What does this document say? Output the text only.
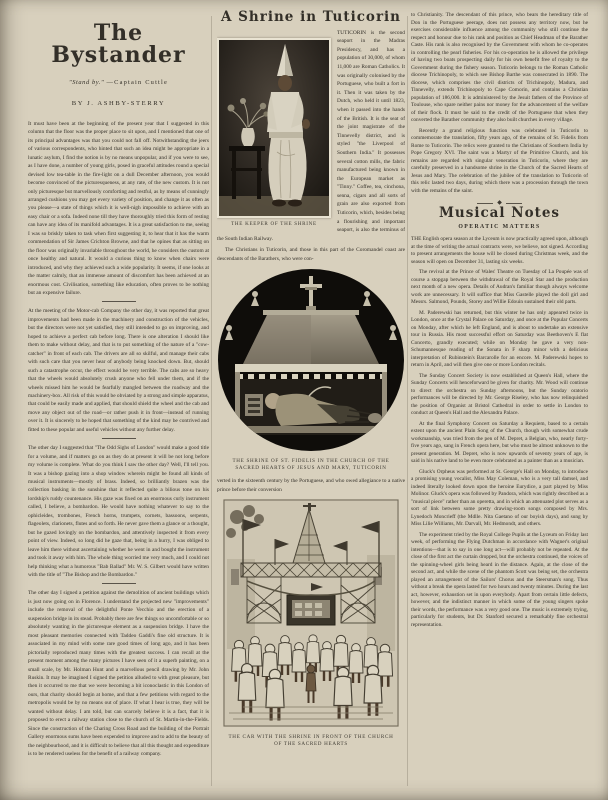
The Bystander
"Stand by." —Captain Cuttle
BY J. ASHBY-STERRY

It must have been at the beginning of the present year that I suggested in this column that the floor was the proper place to sit upon, and I mentioned that one of its principal advantages was that you could not fall off. Notwithstanding the jeers of various correspondents, who hinted that such an idea might be appropriate in a lunatic asylum, I find the notion is by no means unpopular, and if you were to see, as I have done, a number of young girls, posed in graceful attitudes round a special devised low tea-table in the fire-light on a dull December afternoon, you would become convinced of the picturesqueness, at any rate, of the new custom. It is not only picturesque but marvellously comforting and restful, as by means of cunningly arranged cushions you may get every variety of position, and change it as often as you please—a state of things which it is well-nigh impossible to achieve with an easy chair or a sofa. Indeed none till they have thoroughly tried this form of resting can have any idea of its manifold advantages. It is a great satisfaction to me, seeing I was so briskly taken to task when first suggesting it, to hear that it has the warm commendation of Sir James Crichton Browne, and that he opines that as sitting on the floor was originally invariable throughout the world, he considers the custom at once healthy and natural. It would a curious thing to know when chairs were introduced, and why they achieved such a wide popularity. It seems, if one looks at the matter calmly, that an immense amount of discomfort has been achieved at an enormous cost. Civilisation, something like education, often proves to be nothing but an expensive failure.

At the meeting of the Motor-cab Company the other day, it was reported that great improvements had been made in the machinery and construction of the vehicles, but the directors were not yet satisfied, they still intended to go on improving, and hoped to achieve a perfect cab before long. There is one alteration I should like them to make without delay, and that is to put something of the nature of a "cow-catcher" in front of each cab. The drivers are all so skilful, and manage their cabs with such care that you never hear of anybody being knocked down. But, should such a catastrophe occur, the effect would be very terrible. The cabs are so heavy that the wheels would absolutely crush anyone who fell under them, and if the wheels missed him he would be fearfully mangled between the roadway and the machinery-box. All risk of this would be obviated by a strong and simple apparatus, that could be easily made and applied, that should shield the wheel and the cab and move any object out of the road—or rather push it in front—instead of running over it. It is sincerely to be hoped that something of the kind may be contrived and fitted to these popular and useful vehicles without any further delay.

The other day I suggested that "The Odd Sighs of London" would make a good title for a volume, and if matters go on as they do at present it will be not long before my volume is complete. What do you think I saw the other day? Well, I'll tell you. It was a bishop gazing into a shop window wherein might be found all kinds of musical instruments—mostly of brass. Indeed, so brilliantly brazen was the collection basking in the sunshine that it reflected quite a bilious tone on his lordship's ruddy countenance. His gaze was fixed on an enormous curly instrument called, I believe, a bombardon. He would have nothing whatever to say to the ophicleides, trombones, French horns, trumpets, cornets, bassoons, serpents, flageolets, clarionets, flutes and so forth. He never gave them a glance or a thought, but he gazed lovingly on the bombardon, and attentively inspected it from every point of view. Indeed, so long did he gaze that, being in a hurry, I was obliged to leave him there without ascertaining whether he went in and bought the instrument and took it away with him. The whole thing worried me very much, and I could not help thinking what a humorous "Bab Ballad" Mr. W. S. Gilbert would have written with the title of "The Bishop and the Bombardon."

The other day I signed a petition against the demolition of ancient buildings which is just now going on in Florence. I understand the projected new "improvements" include the removal of the delightful Ponte Vecchio and the erection of a suspension bridge in its stead. Probably there are few things so uncomfortable or so absolutely wanting in the picturesque element as a suspension bridge. I have the most pleasant memories connected with Taddeo Gaddi's fine old structure. It is associated in my mind with some rare good times of long ago, and it has been pictorially reproduced many times with the greatest success. I can recall at the present moment among the many pictures I have seen of it a superb painting, on a small scale, by Mr. Holman Hunt and a marvellous pencil drawing by Mr. John Ruskin. It may be imagined I signed the petition alluded to with great pleasure, but then it occurred to me that we were becoming a bit iconoclastic in this London of ours, that charity should begin at home, and that a few petitions with regard to the metropolis would be by no means out of place. If what I hear is true, they will be wanted without delay. I am told, but can scarcely believe it is a fact, that it is proposed to erect a railway station close to the church of St. Martin-in-the-Fields. Since the construction of the Charing Cross Road and the building of the Portrait Gallery enormous sums have been expended to improve and to add to the beauty of the neighbourhood, and it is difficult to believe that all this thought and expenditure is to be rendered useless for the benefit of a railway company.

A Shrine in Tuticorin
THE KEEPER OF THE SHRINE

TUTICORIN is the second seaport in the Madras Presidency, and has a population of 30,000, of whom 11,000 are Roman Catholics. It was originally colonised by the Portuguese, who built a fort in it. Then it was taken by the Dutch, who held it until 1823, when it passed into the hands of the British. It is the seat of the joint magistrate of the Tinnevelly district, and is styled "the Liverpool of Southern India." It possesses several cotton mills, the fabric manufactured being known in the European market as "Tinny." Coffee, tea, cinchona, senna, cigars and all sorts of grain are also exported from Tuticorin, which, besides being a flourishing and important seaport, is also the terminus of the South Indian Railway.

The Christians in Tuticorin, and those in this part of the Coromandel coast are descendants of the Barathers, who were con-

THE SHRINE OF ST. FIDELIS IN THE CHURCH OF THE SACRED HEARTS OF JESUS AND MARY, TUTICORIN

verted in the sixteenth century by the Portuguese, and who owed allegiance to a native prince before their conversion

THE CAR WITH THE SHRINE IN FRONT OF THE CHURCH OF THE SACRED HEARTS

to Christianity. The descendant of this prince, who bears the hereditary title of Don in the Portuguese peerage, does not possess any territory now, but he exercises considerable influence among the community who still continue the respect and honour due to his rank and position as Chief Headman of the Barather Caste. His rank is also recognised by the Government with whom he co-operates in controlling the pearl fisheries. For his co-operation he is allowed the privilege of having two boats prospecting daily for his own benefit free of royalty to the Government during the fishery season. Tuticorin belongs to the Roman Catholic diocese Trichinopoly, to which see Bishop Barthe was consecrated in 1890. The diocese, which comprises the civil districts of Trichinopoly, Madura, and Tinnevelly, extends Trichinopoly to Cape Comorin, and contains a Christian population of 186,000. It is administered by the Jesuit fathers of the Province of Toulouse, who spare neither pains nor money for the advancement of the welfare of their flock. It must be said to the credit of the Portuguese that when they converted the Barather community they also built churches in every village.

Recently a grand religious function was celebrated in Tuticorin to commemorate the translation, fifty years ago, of the remains of St. Fidelis from Rome to Tuticorin. The relics were granted to the Christians of Southern India by Pope Gregory XVI. The saint was a Martyr of the Primitive Church, and his remains are regarded with singular veneration in Tuticorin, where they are carefully preserved in a handsome shrine in the Church of the Sacred Hearts of Jesus and Mary. The celebration of the jubilee of the translation to Tuticorin of this relic lasted two days, during which there was a procession through the town with the remains of the saint.

◆
Musical Notes
OPERATIC MATTERS

THE English opera season at the Lyceum is now practically agreed upon, although at the time of writing the actual contracts were, we believe, not signed. According to present arrangements the house will be closed during Christmas week, and the season will open on December 31, lasting six weeks.

The revival at the Prince of Wales' Theatre on Tuesday of La Poupée was of course a stopgap between the withdrawal of the Royal Star and the production next month of a new opera. Details of Audran's familiar though always welcome work are unnecessary. It will suffice that Miss Gastelle played the doll girl and Messrs. Salmond, Pounds, Storey and Willie Edouin sustained their old parts.

M. Paderewski has returned, but this winter he has only appeared twice in London, once at the Crystal Palace on Saturday, and once at the Popular Concerts on Monday, after which he left England, and is about to undertake an extensive tour in Russia. His most successful effort on Saturday was Beethoven's E flat Concerto, grandly executed; while on Monday he gave a very non-Schumannesque reading of the Sonata in F sharp minor with a delicious interpretation of Rubinstein's Barcarolle for an encore. M. Paderewski hopes to return in April, and will then give one or more London recitals.

The Sunday Concert Society is now established at Queen's Hall, where the Sunday Concerts will henceforward be given for charity. Mr. Wood will continue to direct the orchestra on Sunday afternoons, but the Sunday oratorio performances will be directed by Mr. George Riseley, who has now relinquished the position of Organist at Bristol Cathedral in order to settle in London to conduct at Queen's Hall and the Alexandra Palace.

At the final Symphony Concert on Saturday a Requiem, based to a certain extent upon the ancient Plain Song of the Church, though with somewhat crude workmanship, was tried from the pen of M. Depret, a Belgian, who, nearly forty-five years ago, sang in French opera here, but who must be almost unknown to the present generation. M. Depret, who is now upwards of seventy years of age, is said in his native land to be even more celebrated as a painter than as a musician.

Gluck's Orpheus was performed at St. George's Hall on Monday, to introduce a promising young vocalist, Miss May Coleman, who is a very tall damsel, and indeed literally looked down upon the heroine Eurydice, a part played by Miss Molinor. Gluck's opera was followed by Pandora, which was rightly described as a "musical piece" rather than an operetta, and in which an attenuated plot serves as a sort of link between some pretty drawing-room songs composed by Mrs. Lynedoch Moncrieff (the Mdlle. Nita Gaetano of our boyish days), and sung by Miss Lilie Williams, Mr. Darvall, Mr. Hedmondt, and others.

The experiment tried by the Royal College Pupils at the Lyceum on Friday last week, of performing the Flying Dutchman in accordance with Wagner's original intentions—that is to say in one long act—will probably not be repeated. At the close of the first act the curtain dropped, but the orchestra continued, the voices of the spinning-wheel girls being heard in the distance. Again, at the close of the second act, and while the scene of the phantom Scott was being set, the orchestra played an arrangement of the Sailors' Chorus and the Steersman's song. Thus without a break the opera lasted for two hours and twenty minutes. During the last act, however, exhaustion set in upon everybody. Apart from certain little defects, however, and the indistinct manner in which some of the young singers spoke their words, the performance was a very good one. The music is extremely trying, particularly for students, but Dr. Stanford secured a remarkably fine orchestral representation.
